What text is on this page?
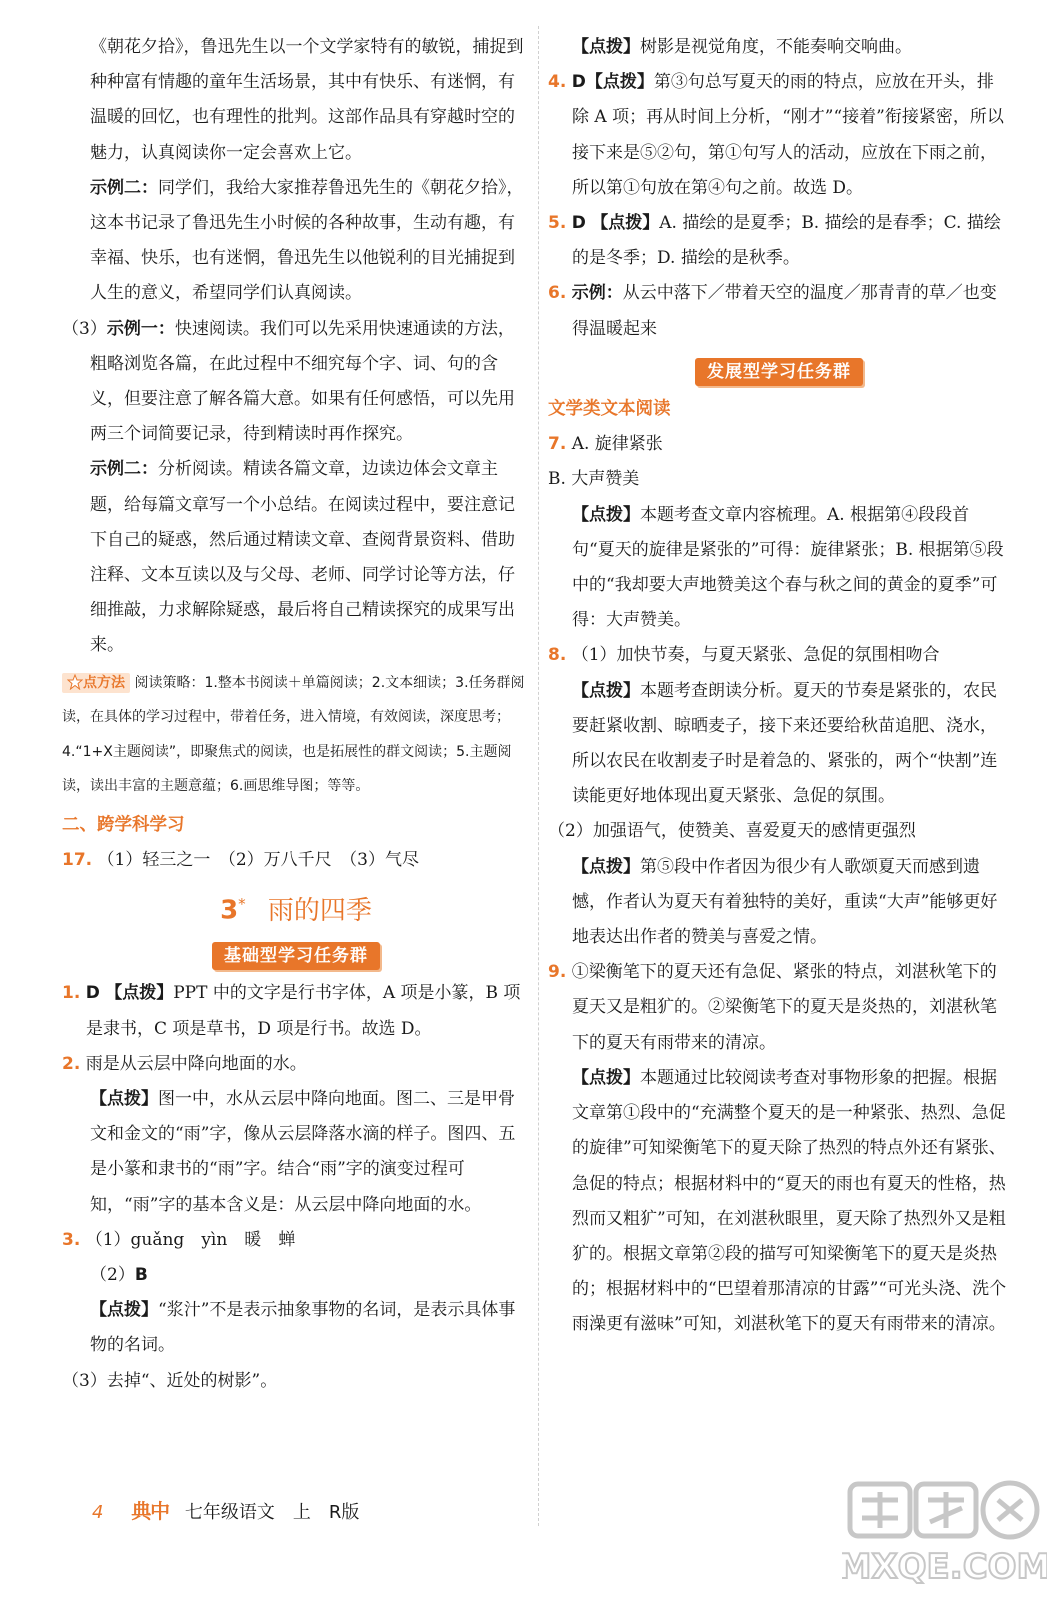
《朝花夕拾》，鲁迅先生以一个文学家特有的敏锐，捕捉到种种富有情趣的童年生活场景，其中有快乐、有迷惘，有温暖的回忆，也有理性的批判。这部作品具有穿越时空的魅力，认真阅读你一定会喜欢上它。

示例二：同学们，我给大家推荐鲁迅先生的《朝花夕拾》，这本书记录了鲁迅先生小时候的各种故事，生动有趣，有幸福、快乐，也有迷惘，鲁迅先生以他锐利的目光捕捉到人生的意义，希望同学们认真阅读。

（3）示例一：快速阅读。我们可以先采用快速通读的方法，粗略浏览各篇，在此过程中不细究每个字、词、句的含义，但要注意了解各篇大意。如果有任何感悟，可以先用两三个词简要记录，待到精读时再作探究。

示例二：分析阅读。精读各篇文章，边读边体会文章主题，给每篇文章写一个小总结。在阅读过程中，要注意记下自己的疑惑，然后通过精读文章、查阅背景资料、借助注释、文本互读以及与父母、老师、同学讨论等方法，仔细推敲，力求解除疑惑，最后将自己精读探究的成果写出来。

点方法 阅读策略：1.整本书阅读＋单篇阅读；2.文本细读；3.任务群阅读，在具体的学习过程中，带着任务，进入情境，有效阅读，深度思考；4.“1+X主题阅读”，即聚焦式的阅读，也是拓展性的群文阅读；5.主题阅读，读出丰富的主题意蕴；6.画思维导图；等等。

二、跨学科学习

17. （1）轻三之一　（2）万八千尺　（3）气尽

3* 雨的四季
基础型学习任务群

1. D 【点拨】PPT 中的文字是行书字体，A 项是小篆，B 项是隶书，C 项是草书，D 项是行书。故选 D。

2. 雨是从云层中降向地面的水。

【点拨】图一中，水从云层中降向地面。图二、三是甲骨文和金文的“雨”字，像从云层降落水滴的样子。图四、五是小篆和隶书的“雨”字。结合“雨”字的演变过程可知，“雨”字的基本含义是：从云层中降向地面的水。

3. （1）guǎng　yìn　暖　蝉

（2）B

【点拨】“浆汁”不是表示抽象事物的名词，是表示具体事物的名词。

（3）去掉“、近处的树影”。

【点拨】树影是视觉角度，不能奏响交响曲。

4. D【点拨】第③句总写夏天的雨的特点，应放在开头，排除 A 项；再从时间上分析，“刚才”“接着”衔接紧密，所以接下来是⑤②句，第①句写人的活动，应放在下雨之前，所以第①句放在第④句之前。故选 D。

5. D 【点拨】A. 描绘的是夏季；B. 描绘的是春季；C. 描绘的是冬季；D. 描绘的是秋季。

6. 示例：从云中落下／带着天空的温度／那青青的草／也变得温暖起来

发展型学习任务群

文学类文本阅读

7. A. 旋律紧张

B. 大声赞美

【点拨】本题考查文章内容梳理。A. 根据第④段段首句“夏天的旋律是紧张的”可得：旋律紧张；B. 根据第⑤段中的“我却要大声地赞美这个春与秋之间的黄金的夏季”可得：大声赞美。

8. （1）加快节奏，与夏天紧张、急促的氛围相吻合

【点拨】本题考查朗读分析。夏天的节奏是紧张的，农民要赶紧收割、晾晒麦子，接下来还要给秋苗追肥、浇水，所以农民在收割麦子时是着急的、紧张的，两个“快割”连读能更好地体现出夏天紧张、急促的氛围。

（2）加强语气，使赞美、喜爱夏天的感情更强烈

【点拨】第⑤段中作者因为很少有人歌颂夏天而感到遗憾，作者认为夏天有着独特的美好，重读“大声”能够更好地表达出作者的赞美与喜爱之情。

9. ①梁衡笔下的夏天还有急促、紧张的特点，刘湛秋笔下的夏天又是粗犷的。②梁衡笔下的夏天是炎热的，刘湛秋笔下的夏天有雨带来的清凉。

【点拨】本题通过比较阅读考查对事物形象的把握。根据文章第①段中的“充满整个夏天的是一种紧张、热烈、急促的旋律”可知梁衡笔下的夏天除了热烈的特点外还有紧张、急促的特点；根据材料中的“夏天的雨也有夏天的性格，热烈而又粗犷”可知，在刘湛秋眼里，夏天除了热烈外又是粗犷的。根据文章第②段的描写可知梁衡笔下的夏天是炎热的；根据材料中的“巴望着那清凉的甘露”“可光头浇、洗个雨澡更有滋味”可知，刘湛秋笔下的夏天有雨带来的清凉。

4 典中 七年级语文　上　R版
MXQE.COM
